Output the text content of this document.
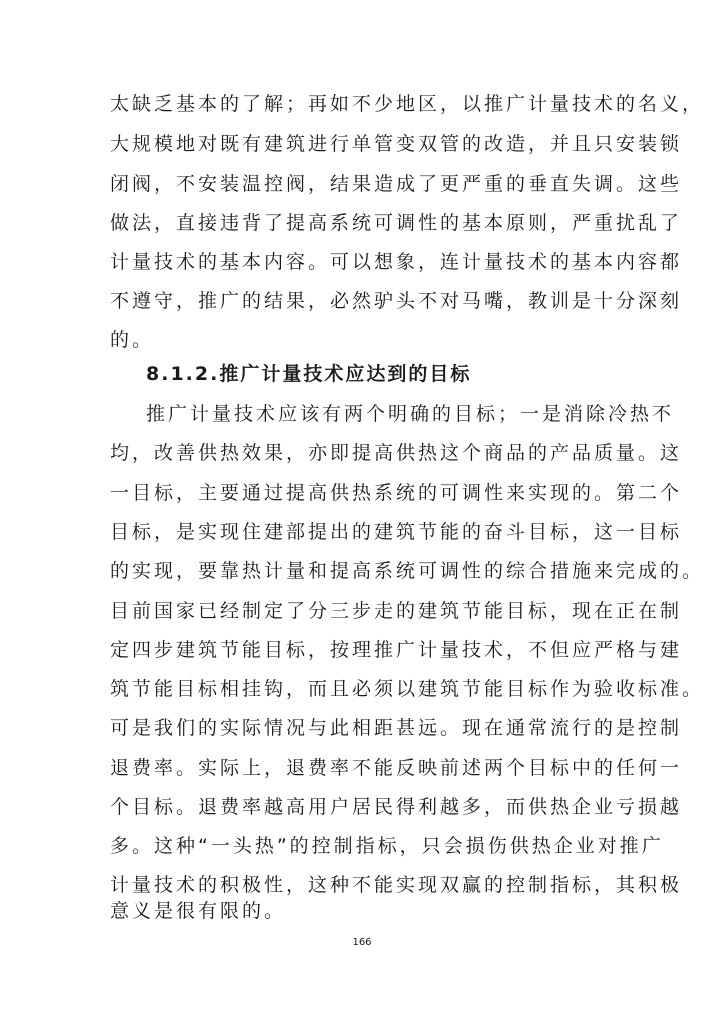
太缺乏基本的了解；再如不少地区，以推广计量技术的名义，
大规模地对既有建筑进行单管变双管的改造，并且只安装锁
闭阀，不安装温控阀，结果造成了更严重的垂直失调。这些
做法，直接违背了提高系统可调性的基本原则，严重扰乱了
计量技术的基本内容。可以想象，连计量技术的基本内容都
不遵守，推广的结果，必然驴头不对马嘴，教训是十分深刻
的。
8.1.2.推广计量技术应达到的目标
推广计量技术应该有两个明确的目标；一是消除冷热不
均，改善供热效果，亦即提高供热这个商品的产品质量。这
一目标，主要通过提高供热系统的可调性来实现的。第二个
目标，是实现住建部提出的建筑节能的奋斗目标，这一目标
的实现，要靠热计量和提高系统可调性的综合措施来完成的。
目前国家已经制定了分三步走的建筑节能目标，现在正在制
定四步建筑节能目标，按理推广计量技术，不但应严格与建
筑节能目标相挂钩，而且必须以建筑节能目标作为验收标准。
可是我们的实际情况与此相距甚远。现在通常流行的是控制
退费率。实际上，退费率不能反映前述两个目标中的任何一
个目标。退费率越高用户居民得利越多，而供热企业亏损越
多。这种“一头热”的控制指标，只会损伤供热企业对推广
计量技术的积极性，这种不能实现双赢的控制指标，其积极
意义是很有限的。
166
